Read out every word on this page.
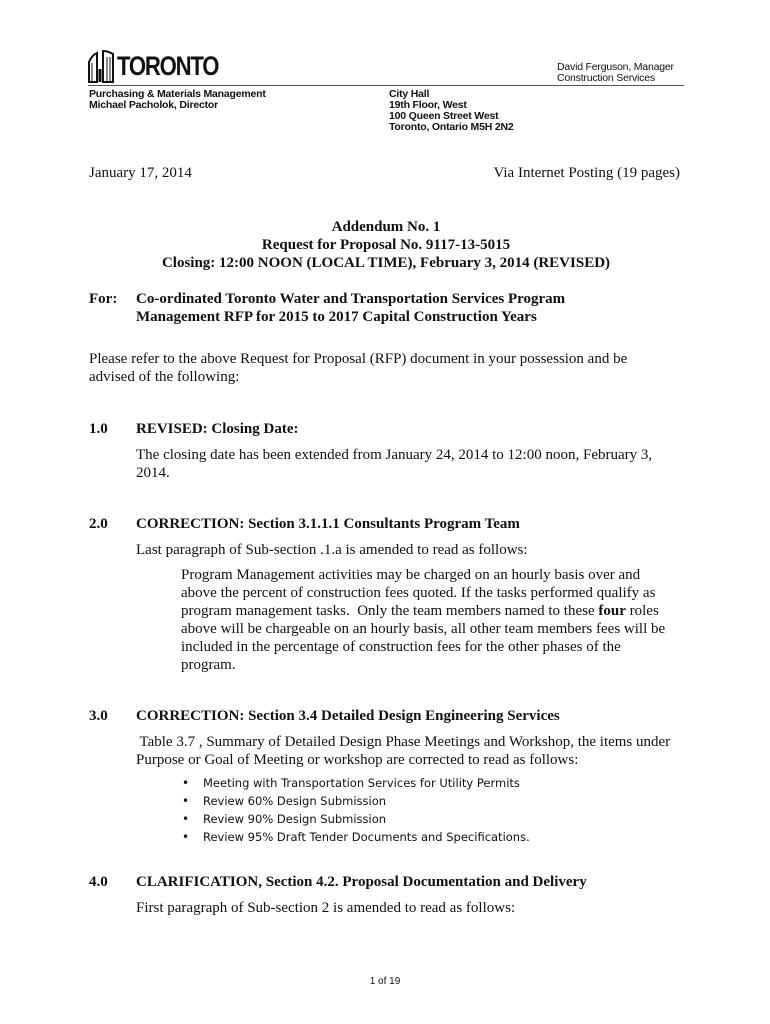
TORONTO	David Ferguson, Manager
Construction Services
Purchasing & Materials Management
Michael Pacholok, Director
City Hall
19th Floor, West
100 Queen Street West
Toronto, Ontario M5H 2N2
January 17, 2014	Via Internet Posting (19 pages)
Addendum No. 1
Request for Proposal No. 9117-13-5015
Closing: 12:00 NOON (LOCAL TIME), February 3, 2014 (REVISED)
For: Co-ordinated Toronto Water and Transportation Services Program
Management RFP for 2015 to 2017 Capital Construction Years
Please refer to the above Request for Proposal (RFP) document in your possession and be
advised of the following:
1.0 REVISED: Closing Date:
The closing date has been extended from January 24, 2014 to 12:00 noon, February 3,
2014.
2.0 CORRECTION: Section 3.1.1.1 Consultants Program Team
Last paragraph of Sub-section .1.a is amended to read as follows:
Program Management activities may be charged on an hourly basis over and
above the percent of construction fees quoted. If the tasks performed qualify as
program management tasks.  Only the team members named to these four roles
above will be chargeable on an hourly basis, all other team members fees will be
included in the percentage of construction fees for the other phases of the
program.
3.0 CORRECTION: Section 3.4 Detailed Design Engineering Services
Table 3.7 , Summary of Detailed Design Phase Meetings and Workshop, the items under
Purpose or Goal of Meeting or workshop are corrected to read as follows:
• Meeting with Transportation Services for Utility Permits
• Review 60% Design Submission
• Review 90% Design Submission
• Review 95% Draft Tender Documents and Specifications.
4.0 CLARIFICATION, Section 4.2. Proposal Documentation and Delivery
First paragraph of Sub-section 2 is amended to read as follows:
1 of 19
